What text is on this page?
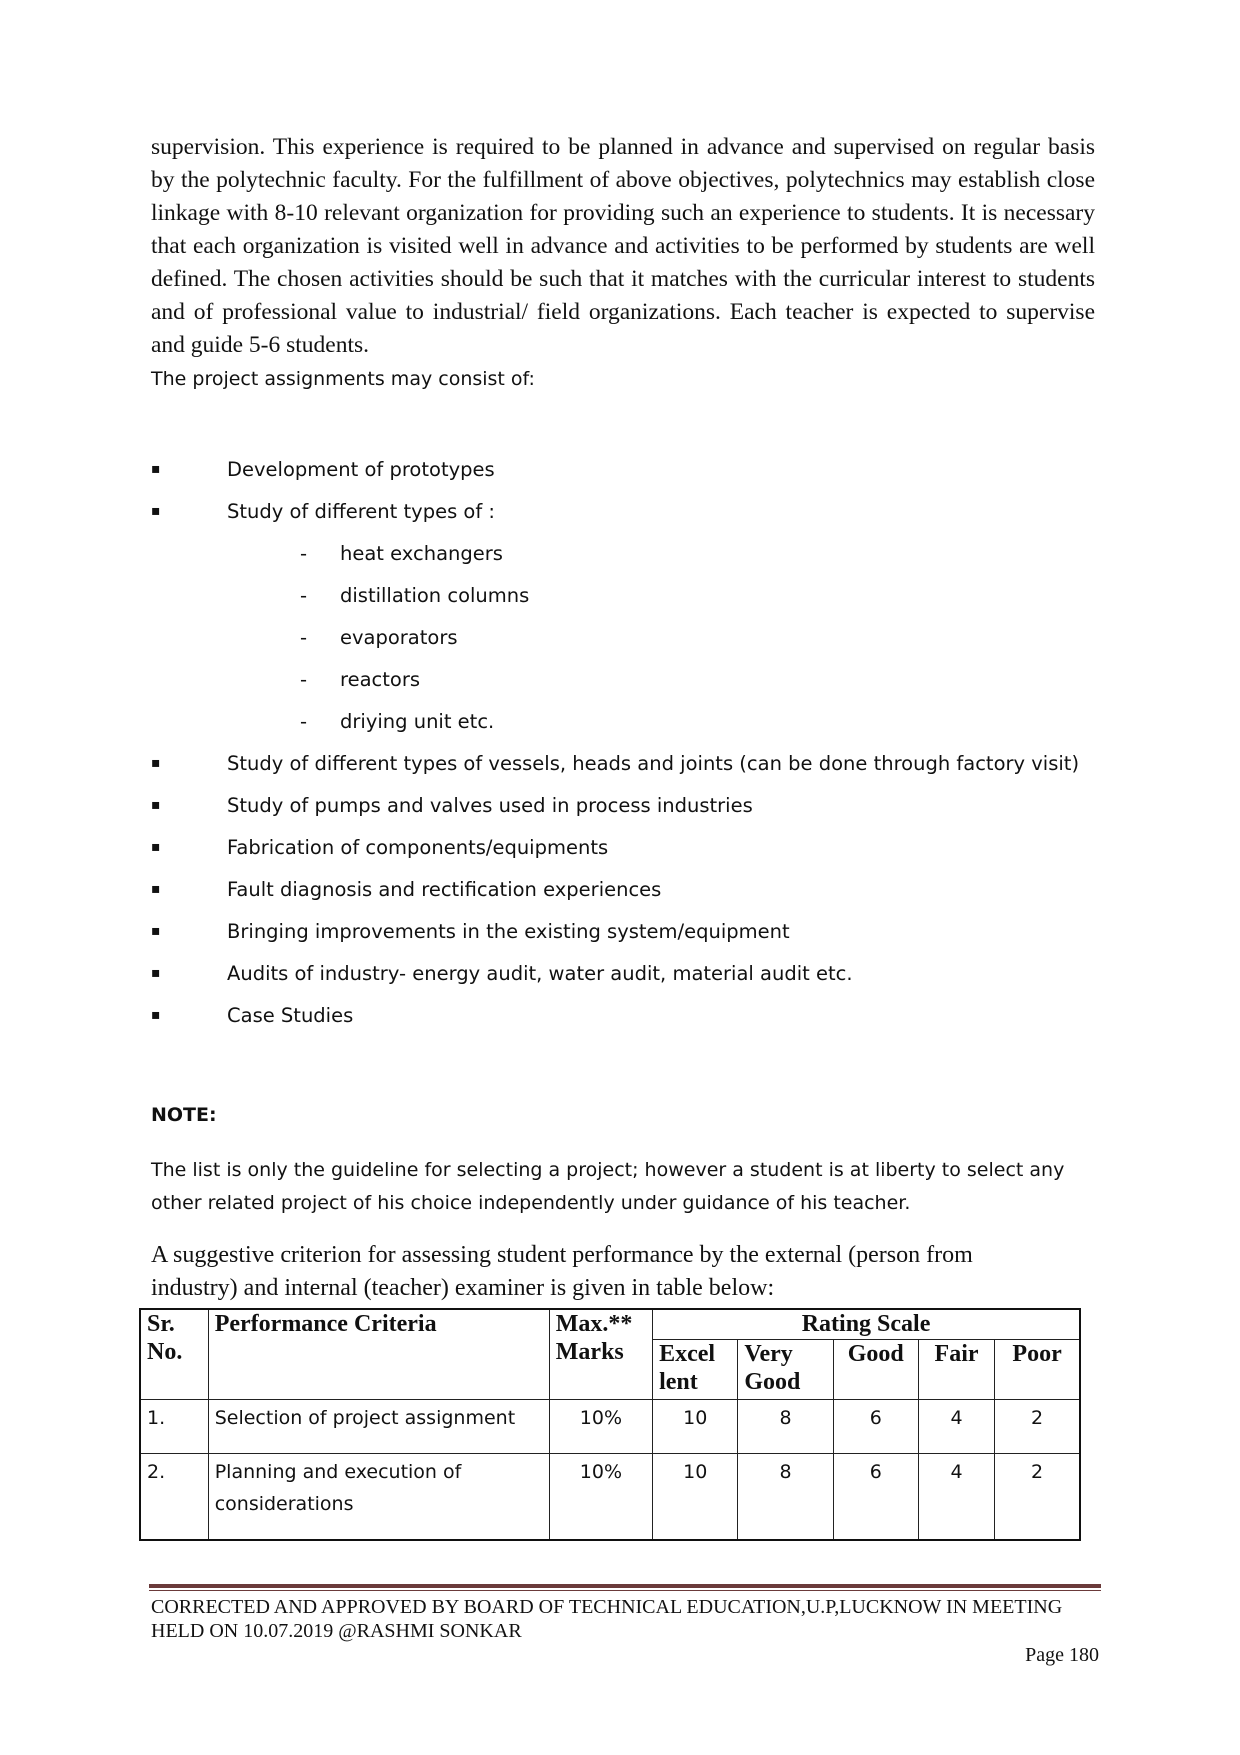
supervision. This experience is required to be planned in advance and supervised on regular basis by the polytechnic faculty. For the fulfillment of above objectives, polytechnics may establish close linkage with 8-10 relevant organization for providing such an experience to students. It is necessary that each organization is visited well in advance and activities to be performed by students are well defined. The chosen activities should be such that it matches with the curricular interest to students and of professional value to industrial/ field organizations. Each teacher is expected to supervise and guide 5-6 students.

The project assignments may consist of:
▪	Development of prototypes
▪	Study of different types of :
-	heat exchangers
-	distillation columns
-	evaporators
-	reactors
-	driying unit etc.
▪	Study of different types of vessels, heads and joints (can be done through factory visit)
▪	Study of pumps and valves used in process industries
▪	Fabrication of components/equipments
▪	Fault diagnosis and rectification experiences
▪	Bringing improvements in the existing system/equipment
▪	Audits of industry- energy audit, water audit, material audit etc.
▪	Case Studies
NOTE:
The list is only the guideline for selecting a project; however a student is at liberty to select any other related project of his choice independently under guidance of his teacher.
A suggestive criterion for assessing student performance by the external (person from industry) and internal (teacher) examiner is given in table below:
Sr. No.	Performance Criteria	Max.** Marks	Rating Scale				
			Excel lent	Very Good	Good	Fair	Poor
1.	Selection of project assignment	10%	10	8	6	4	2
2.	Planning and execution of considerations	10%	10	8	6	4	2
CORRECTED AND APPROVED BY BOARD OF TECHNICAL EDUCATION,U.P,LUCKNOW IN MEETING HELD ON 10.07.2019 @RASHMI SONKAR
Page 180
